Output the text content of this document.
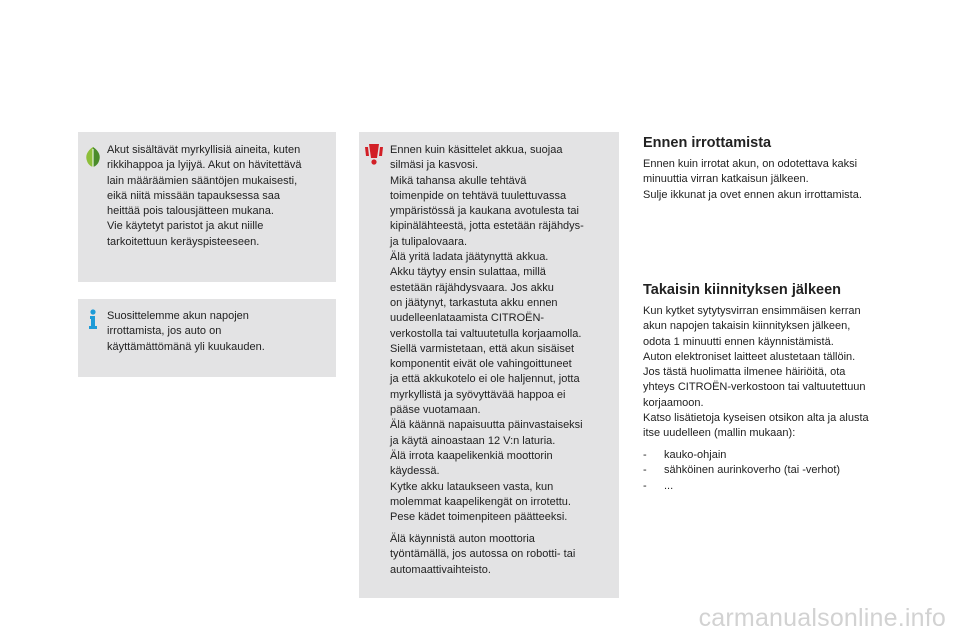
Akut sisältävät myrkyllisiä aineita, kuten
rikkihappoa ja lyijyä. Akut on hävitettävä
lain määräämien sääntöjen mukaisesti,
eikä niitä missään tapauksessa saa
heittää pois talousjätteen mukana.
Vie käytetyt paristot ja akut niille
tarkoitettuun keräyspisteeseen.

Suosittelemme akun napojen
irrottamista, jos auto on
käyttämättömänä yli kuukauden.

Ennen kuin käsittelet akkua, suojaa
silmäsi ja kasvosi.
Mikä tahansa akulle tehtävä
toimenpide on tehtävä tuulettuvassa
ympäristössä ja kaukana avotulesta tai
kipinälähteestä, jotta estetään räjähdys-
ja tulipalovaara.
Älä yritä ladata jäätynyttä akkua.
Akku täytyy ensin sulattaa, millä
estetään räjähdysvaara. Jos akku
on jäätynyt, tarkastuta akku ennen
uudelleenlataamista CITROËN-
verkostolla tai valtuutetulla korjaamolla.
Siellä varmistetaan, että akun sisäiset
komponentit eivät ole vahingoittuneet
ja että akkukotelo ei ole haljennut, jotta
myrkyllistä ja syövyttävää happoa ei
pääse vuotamaan.
Älä käännä napaisuutta päinvastaiseksi
ja käytä ainoastaan 12 V:n laturia.
Älä irrota kaapelikenkiä moottorin
käydessä.
Kytke akku lataukseen vasta, kun
molemmat kaapelikengät on irrotettu.
Pese kädet toimenpiteen päätteeksi.

Älä käynnistä auton moottoria
työntämällä, jos autossa on robotti- tai
automaattivaihteisto.

Ennen irrottamista

Ennen kuin irrotat akun, on odotettava kaksi
minuuttia virran katkaisun jälkeen.
Sulje ikkunat ja ovet ennen akun irrottamista.

Takaisin kiinnityksen jälkeen

Kun kytket sytytysvirran ensimmäisen kerran
akun napojen takaisin kiinnityksen jälkeen,
odota 1 minuutti ennen käynnistämistä.
Auton elektroniset laitteet alustetaan tällöin.
Jos tästä huolimatta ilmenee häiriöitä, ota
yhteys CITROËN-verkostoon tai valtuutettuun
korjaamoon.
Katso lisätietoja kyseisen otsikon alta ja alusta
itse uudelleen (mallin mukaan):

- kauko-ohjain
- sähköinen aurinkoverho (tai -verhot)
- ...
carmanualsonline.info
